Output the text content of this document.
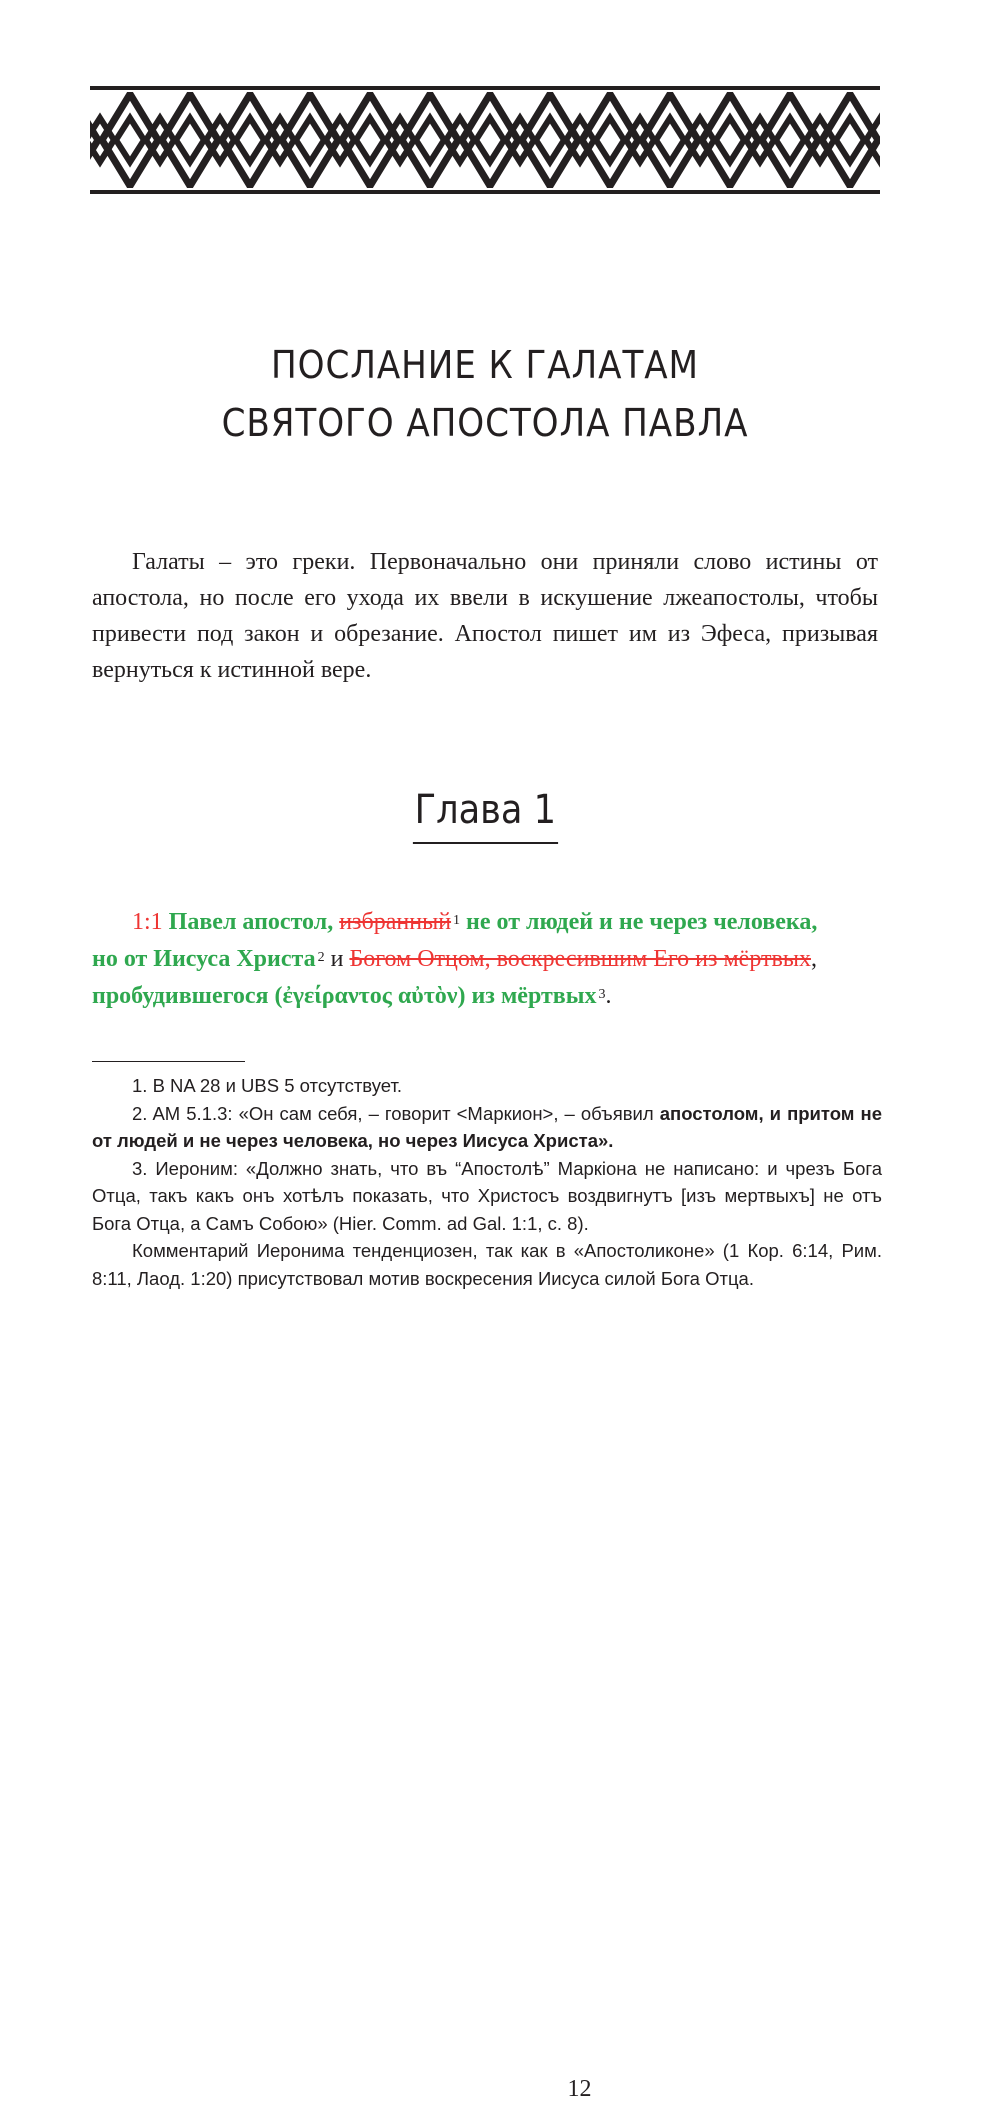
ПОСЛАНИЕ К ГАЛАТАМ
СВЯТОГО АПОСТОЛА ПАВЛА

Галаты – это греки. Первоначально они приняли слово истины от апостола, но после его ухода их ввели в искушение лжеапостолы, чтобы привести под закон и обрезание. Апостол пишет им из Эфеса, призывая вернуться к истинной вере.

Глава 1

1:1 Павел апостол, избранный $^1$ не от людей и не через человека,

но от Иисуса Христа $^2$ и Богом Отцом, воскресившим Его из мёртвых,

пробудившегося (ἐγείραντος αὐτὸν) из мёртвых $^3$.

1. В NA 28 и UBS 5 отсутствует.

2. AM 5.1.3: «Он сам себя, – говорит <Маркион>, – объявил апостолом, и притом не от людей и не через человека, но через Иисуса Христа».

3. Иероним: «Должно знать, что въ “Апостолѣ” Маркіона не написано: и чрезъ Бога Отца, такъ какъ онъ хотѣлъ показать, что Христосъ воздвигнутъ [изъ мертвыхъ] не отъ Бога Отца, а Самъ Собою» (Hier. Comm. ad Gal. 1:1, c. 8).

Комментарий Иеронима тенденциозен, так как в «Апостоликоне» (1 Кор. 6:14, Рим. 8:11, Лаод. 1:20) присутствовал мотив воскресения Иисуса силой Бога Отца.

12
